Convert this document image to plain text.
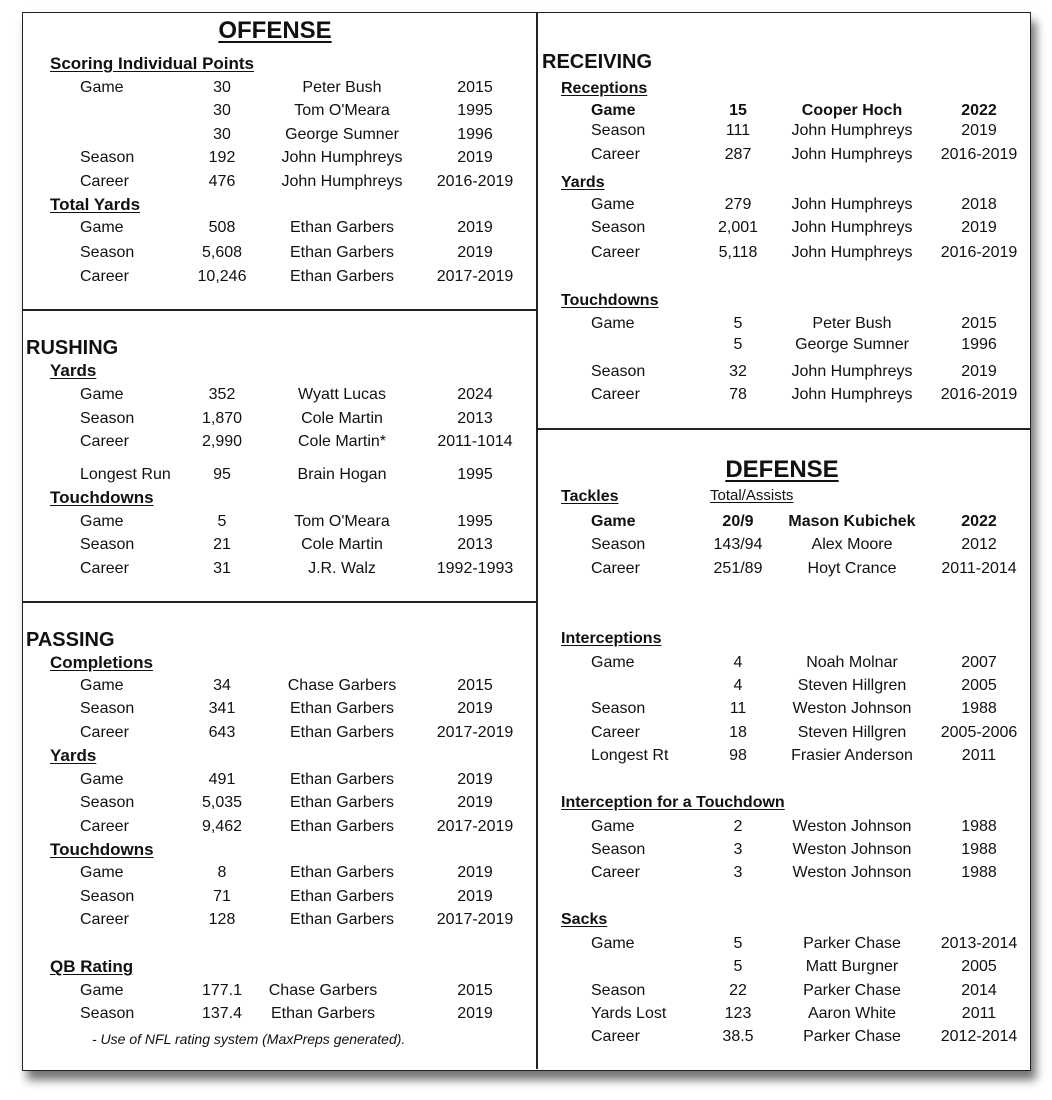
OFFENSE
Scoring Individual Points
Game	30	Peter Bush	2015
30	Tom O'Meara	1995
30	George Sumner	1996
Season	192	John Humphreys	2019
Career	476	John Humphreys 2016-2019
Total Yards
Game	508	Ethan Garbers	2019
Season	5,608	Ethan Garbers	2019
Career	10,246	Ethan Garbers	2017-2019
RUSHING
Yards
Game	352	Wyatt Lucas	2024
Season	1,870	Cole Martin	2013
Career	2,990	Cole Martin*	2011-1014
Longest Run	95	Brain Hogan	1995
Touchdowns
Game	5	Tom O'Meara	1995
Season	21	Cole Martin	2013
Career	31	J.R. Walz	1992-1993
PASSING
Completions
Game	34	Chase Garbers	2015
Season	341	Ethan Garbers	2019
Career	643	Ethan Garbers	2017-2019
Yards
Game	491	Ethan Garbers	2019
Season	5,035	Ethan Garbers	2019
Career	9,462	Ethan Garbers	2017-2019
Touchdowns
Game	8	Ethan Garbers	2019
Season	71	Ethan Garbers	2019
Career	128	Ethan Garbers	2017-2019
QB Rating
Game	177.1 Chase Garbers	2015
Season	137.4 Ethan Garbers	2019
- Use of NFL rating system (MaxPreps generated).
RECEIVING
Receptions
Game	15	Cooper Hoch	2022
Season	111	John Humphreys	2019
Career	287	John Humphreys 2016-2019
Yards
Game	279	John Humphreys	2018
Season	2,001 John Humphreys	2019
Career	5,118 John Humphreys 2016-2019
Touchdowns
Game	5	Peter Bush	2015
5	George Sumner	1996
Season	32	John Humphreys	2019
Career	78	John Humphreys 2016-2019
DEFENSE
Tackles	Total/Assists
Game	20/9 Mason Kubichek	2022
Season	143/94	Alex Moore	2012
Career	251/89	Hoyt Crance	2011-2014
Interceptions
Game	4	Noah Molnar	2007
4	Steven Hillgren	2005
Season	11	Weston Johnson	1988
Career	18	Steven Hillgren 2005-2006
Longest Rt	98	Frasier Anderson	2011
Interception for a Touchdown
Game	2	Weston Johnson	1988
Season	3	Weston Johnson	1988
Career	3	Weston Johnson	1988
Sacks
Game	5	Parker Chase 2013-2014
5	Matt Burgner	2005
Season	22	Parker Chase	2014
Yards Lost	123	Aaron White	2011
Career	38.5	Parker Chase 2012-2014
